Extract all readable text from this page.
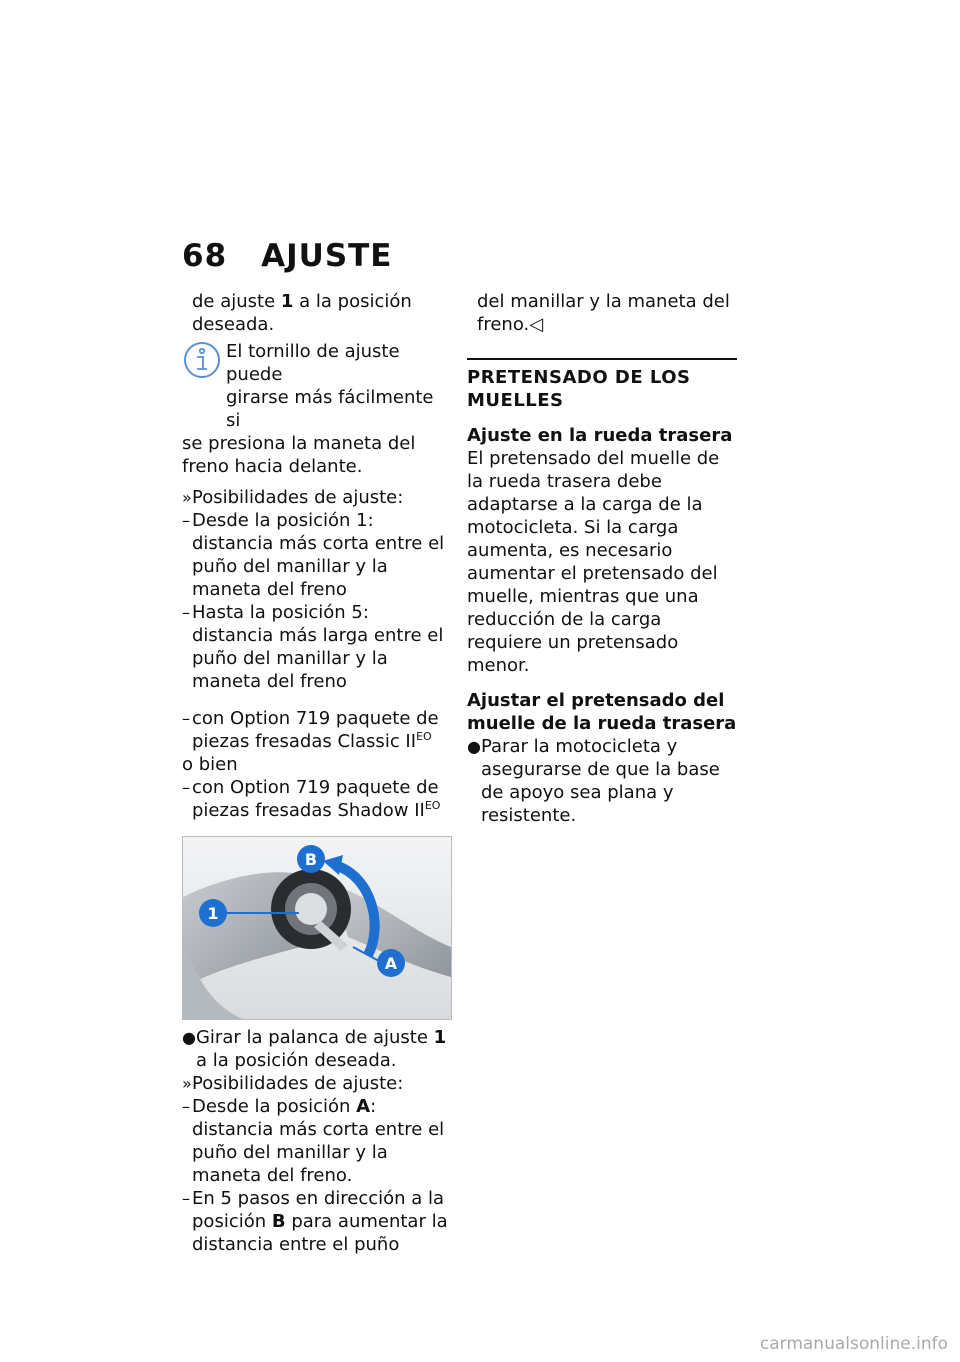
68 AJUSTE

de ajuste 1 a la posición
deseada.

El tornillo de ajuste puede
girarse más fácilmente si

se presiona la maneta del freno hacia delante.

» Posibilidades de ajuste:
– Desde la posición 1: distancia más corta entre el puño del manillar y la maneta del freno
– Hasta la posición 5: distancia más larga entre el puño del manillar y la maneta del freno
– con Option 719 paquete de piezas fresadas Classic $II^{EO}$
o bien
– con Option 719 paquete de piezas fresadas Shadow $II^{EO}$
1
B
A
● Girar la palanca de ajuste 1 a la posición deseada.
» Posibilidades de ajuste:
– Desde la posición A: distancia más corta entre el puño del manillar y la maneta del freno.
– En 5 pasos en dirección a la posición B para aumentar la distancia entre el puño

del manillar y la maneta del freno.◁

PRETENSADO DE LOS MUELLES
Ajuste en la rueda trasera

El pretensado del muelle de la rueda trasera debe adaptarse a la carga de la motocicleta. Si la carga aumenta, es necesario aumentar el pretensado del muelle, mientras que una reducción de la carga requiere un pretensado menor.

Ajustar el pretensado del muelle de la rueda trasera
● Parar la motocicleta y asegurarse de que la base de apoyo sea plana y resistente.
carmanualsonline.info
